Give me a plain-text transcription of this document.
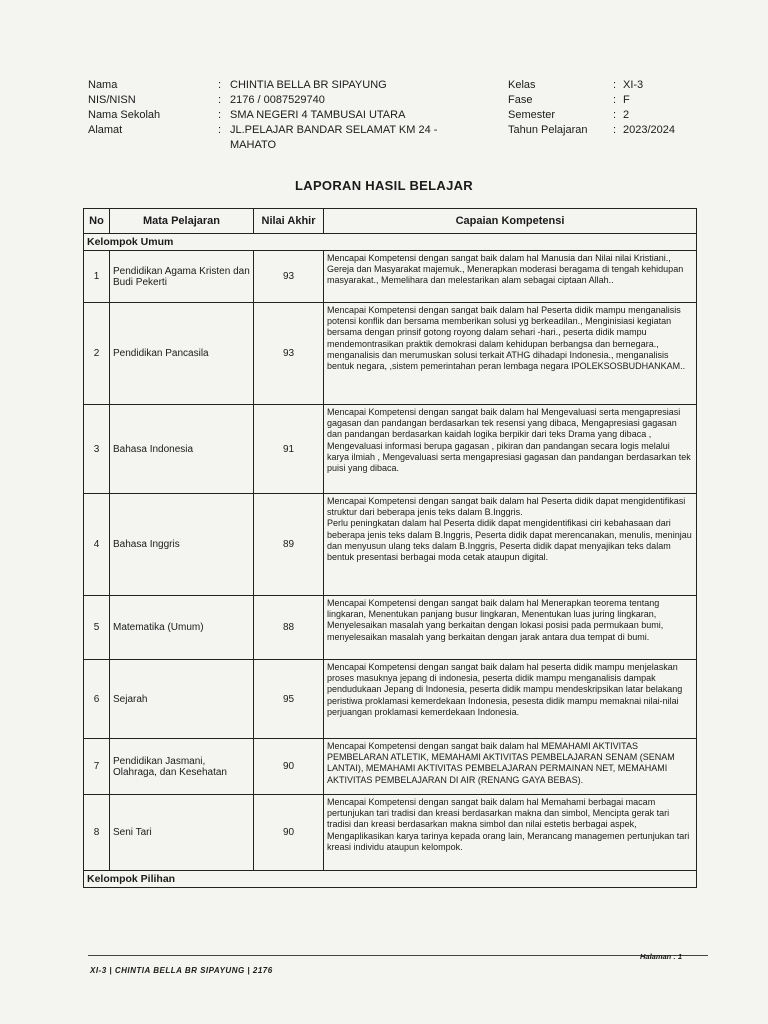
Nama	: CHINTIA BELLA BR SIPAYUNG	Kelas	: XI-3
NIS/NISN	: 2176 / 0087529740	Fase	: F
Nama Sekolah	: SMA NEGERI 4 TAMBUSAI UTARA	Semester	: 2
Alamat	: JL.PELAJAR BANDAR SELAMAT KM 24 - MAHATO
Tahun Pelajaran	: 2023/2024
LAPORAN HASIL BELAJAR
No	Mata Pelajaran	Nilai Akhir	Capaian Kompetensi
Kelompok Umum			
1	Pendidikan Agama Kristen dan Budi Pekerti	93	Mencapai Kompetensi dengan sangat baik dalam hal Manusia dan Nilai nilai Kristiani., Gereja dan Masyarakat majemuk., Menerapkan moderasi beragama di tengah kehidupan masyarakat., Memelihara dan melestarikan alam sebagai ciptaan Allah..
2	Pendidikan Pancasila	93	Mencapai Kompetensi dengan sangat baik dalam hal Peserta didik mampu menganalisis potensi konflik dan bersama memberikan solusi yg berkeadilan., Menginisiasi kegiatan bersama dengan prinsif gotong royong dalam sehari -hari., peserta didik mampu mendemontrasikan praktik demokrasi dalam kehidupan berbangsa dan bernegara., menganalisis dan merumuskan solusi terkait ATHG dihadapi Indonesia., menganalisis bentuk negara, ,sistem pemerintahan peran lembaga negara IPOLEKSOSBUDHANKAM..
3	Bahasa Indonesia	91	Mencapai Kompetensi dengan sangat baik dalam hal Mengevaluasi serta mengapresiasi gagasan dan pandangan berdasarkan tek resensi yang dibaca, Mengapresiasi gagasan dan pandangan berdasarkan kaidah logika berpikir dari teks Drama yang dibaca , Mengevaluasi informasi berupa gagasan , pikiran dan pandangan secara logis melalui karya ilmiah , Mengevaluasi serta mengapresiasi gagasan dan pandangan berdasarkan tek puisi yang dibaca.
4	Bahasa Inggris	89	Mencapai Kompetensi dengan sangat baik dalam hal Peserta didik dapat mengidentifikasi struktur dari beberapa jenis teks dalam B.Inggris.
Perlu peningkatan dalam hal Peserta didik dapat mengidentifikasi ciri kebahasaan dari beberapa jenis teks dalam B.Inggris, Peserta didik dapat merencanakan, menulis, meninjau dan menyusun ulang teks dalam B.Inggris, Peserta didik dapat menyajikan teks dalam bentuk presentasi berbagai moda cetak ataupun digital.
5	Matematika (Umum)	88	Mencapai Kompetensi dengan sangat baik dalam hal Menerapkan teorema tentang lingkaran, Menentukan panjang busur lingkaran, Menentukan luas juring lingkaran, Menyelesaikan masalah yang berkaitan dengan lokasi posisi pada permukaan bumi, menyelesaikan masalah yang berkaitan dengan jarak antara dua tempat di bumi.
6	Sejarah	95	Mencapai Kompetensi dengan sangat baik dalam hal peserta didik mampu menjelaskan proses masuknya jepang di indonesia, peserta didik mampu menganalisis dampak pendudukaan Jepang di Indonesia, peserta didik mampu mendeskripsikan latar belakang peristiwa proklamasi kemerdekaan Indonesia, pesesta didik mampu memaknai nilai-nilai perjuangan proklamasi kemerdekaan Indonesia.
7	Pendidikan Jasmani, Olahraga, dan Kesehatan	90	Mencapai Kompetensi dengan sangat baik dalam hal MEMAHAMI AKTIVITAS PEMBELARAN ATLETIK, MEMAHAMI AKTIVITAS PEMBELAJARAN SENAM (SENAM LANTAI), MEMAHAMI AKTIVITAS PEMBELAJARAN PERMAINAN NET, MEMAHAMI AKTIVITAS PEMBELAJARAN DI AIR (RENANG GAYA BEBAS).
8	Seni Tari	90	Mencapai Kompetensi dengan sangat baik dalam hal Memahami berbagai macam pertunjukan tari tradisi dan kreasi berdasarkan makna dan simbol, Mencipta gerak tari tradisi dan kreasi berdasarkan makna simbol dan nilai estetis berbagai aspek, Mengaplikasikan karya tarinya kepada orang lain, Merancang managemen pertunjukan tari kreasi individu ataupun kelompok.
Kelompok Pilihan			
XI-3 | CHINTIA BELLA BR SIPAYUNG | 2176
Halaman : 1
